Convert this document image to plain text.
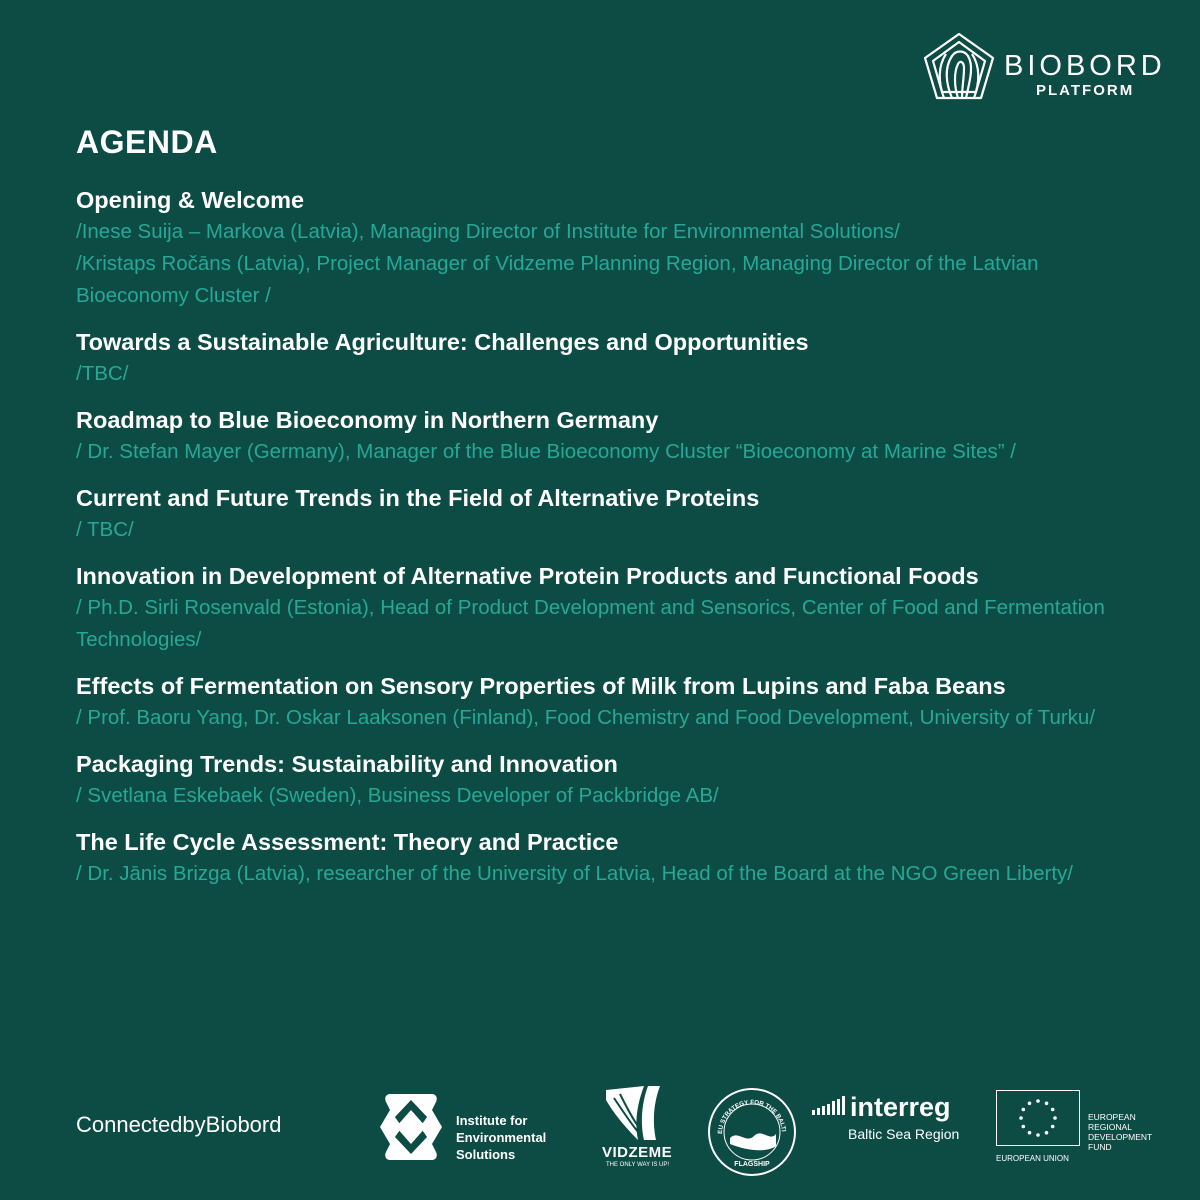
BIOBORD
PLATFORM
AGENDA
Opening & Welcome
/Inese Suija – Markova (Latvia), Managing Director of Institute for Environmental Solutions/
/Kristaps Ročāns (Latvia), Project Manager of Vidzeme Planning Region, Managing Director of the Latvian Bioeconomy Cluster /
Towards a Sustainable Agriculture: Challenges and Opportunities
/TBC/
Roadmap to Blue Bioeconomy in Northern Germany
/ Dr. Stefan Mayer (Germany), Manager of the Blue Bioeconomy Cluster “Bioeconomy at Marine Sites” /
Current and Future Trends in the Field of Alternative Proteins
/ TBC/
Innovation in Development of Alternative Protein Products and Functional Foods
/ Ph.D. Sirli Rosenvald (Estonia), Head of Product Development and Sensorics, Center of Food and Fermentation Technologies/
Effects of Fermentation on Sensory Properties of Milk from Lupins and Faba Beans
/ Prof. Baoru Yang, Dr. Oskar Laaksonen (Finland), Food Chemistry and Food Development, University of Turku/
Packaging Trends: Sustainability and Innovation
/ Svetlana Eskebaek (Sweden), Business Developer of Packbridge AB/
The Life Cycle Assessment: Theory and Practice
/ Dr. Jānis Brizga (Latvia), researcher of the University of Latvia, Head of the Board at the NGO Green Liberty/
ConnectedbyBiobord	Institute for
Environmental
Solutions	VIDZEME
THE ONLY WAY IS UP!
EU STRATEGY FOR THE BALTI
FLAGSHIP
interreg
Baltic Sea Region
EUROPEAN UNION
EUROPEAN
REGIONAL
DEVELOPMENT
FUND
